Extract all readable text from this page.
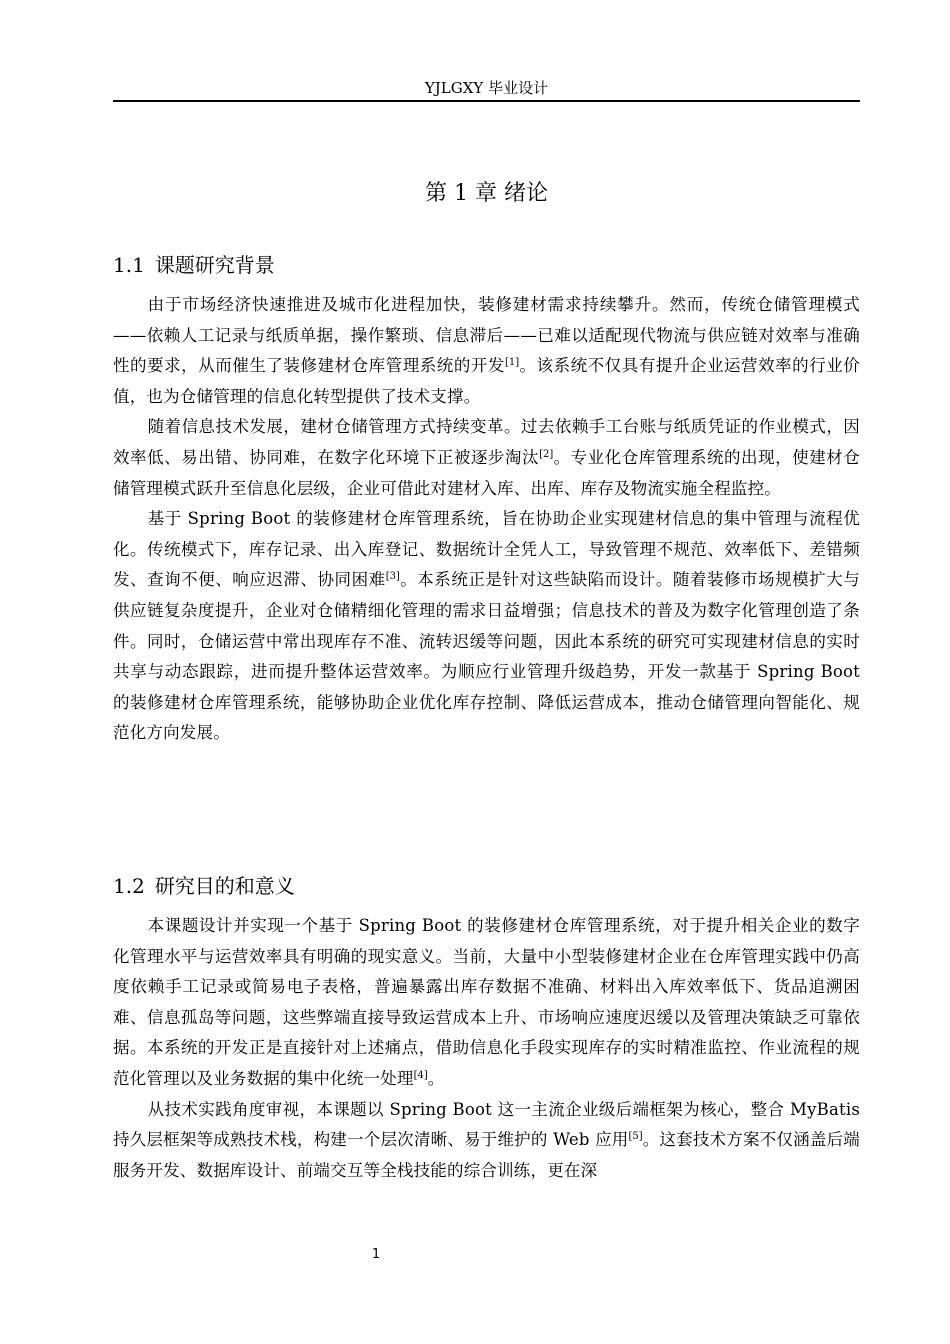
YJLGXY 毕业设计
第 1 章 绪论
1.1 课题研究背景

由于市场经济快速推进及城市化进程加快，装修建材需求持续攀升。然而，传统仓储管理模式——依赖人工记录与纸质单据，操作繁琐、信息滞后——已难以适配现代物流与供应链对效率与准确性的要求，从而催生了装修建材仓库管理系统的开发[1]。该系统不仅具有提升企业运营效率的行业价值，也为仓储管理的信息化转型提供了技术支撑。

随着信息技术发展，建材仓储管理方式持续变革。过去依赖手工台账与纸质凭证的作业模式，因效率低、易出错、协同难，在数字化环境下正被逐步淘汰[2]。专业化仓库管理系统的出现，使建材仓储管理模式跃升至信息化层级，企业可借此对建材入库、出库、库存及物流实施全程监控。

基于 Spring Boot 的装修建材仓库管理系统，旨在协助企业实现建材信息的集中管理与流程优化。传统模式下，库存记录、出入库登记、数据统计全凭人工，导致管理不规范、效率低下、差错频发、查询不便、响应迟滞、协同困难[3]。本系统正是针对这些缺陷而设计。随着装修市场规模扩大与供应链复杂度提升，企业对仓储精细化管理的需求日益增强；信息技术的普及为数字化管理创造了条件。同时，仓储运营中常出现库存不准、流转迟缓等问题，因此本系统的研究可实现建材信息的实时共享与动态跟踪，进而提升整体运营效率。为顺应行业管理升级趋势，开发一款基于 Spring Boot 的装修建材仓库管理系统，能够协助企业优化库存控制、降低运营成本，推动仓储管理向智能化、规范化方向发展。

1.2 研究目的和意义

本课题设计并实现一个基于 Spring Boot 的装修建材仓库管理系统，对于提升相关企业的数字化管理水平与运营效率具有明确的现实意义。当前，大量中小型装修建材企业在仓库管理实践中仍高度依赖手工记录或简易电子表格，普遍暴露出库存数据不准确、材料出入库效率低下、货品追溯困难、信息孤岛等问题，这些弊端直接导致运营成本上升、市场响应速度迟缓以及管理决策缺乏可靠依据。本系统的开发正是直接针对上述痛点，借助信息化手段实现库存的实时精准监控、作业流程的规范化管理以及业务数据的集中化统一处理[4]。

从技术实践角度审视，本课题以 Spring Boot 这一主流企业级后端框架为核心，整合 MyBatis 持久层框架等成熟技术栈，构建一个层次清晰、易于维护的 Web 应用[5]。这套技术方案不仅涵盖后端服务开发、数据库设计、前端交互等全栈技能的综合训练，更在深

1
